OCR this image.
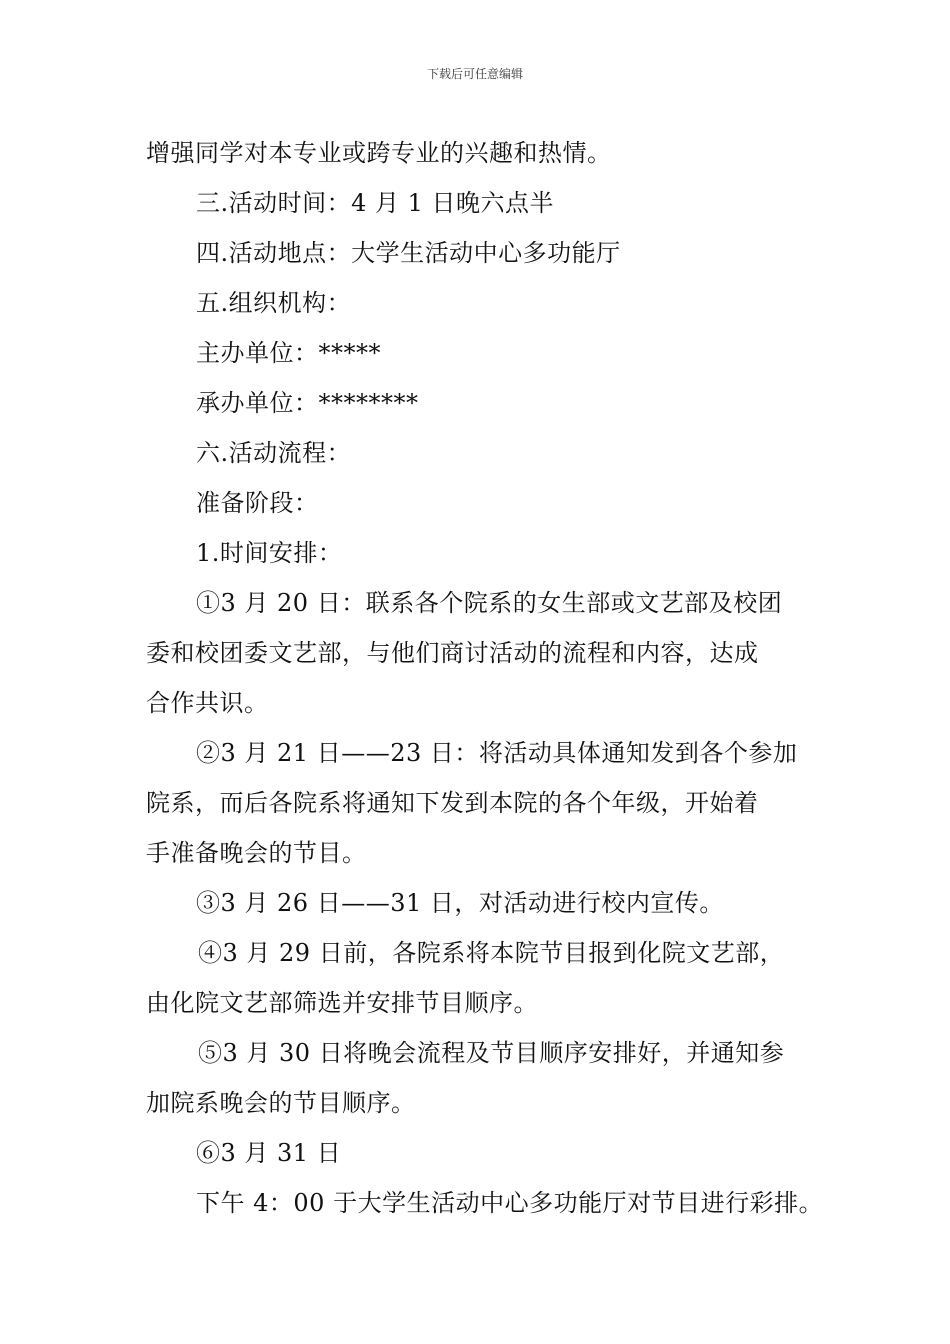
下载后可任意编辑
增强同学对本专业或跨专业的兴趣和热情。
三.活动时间：4 月 1 日晚六点半
四.活动地点：大学生活动中心多功能厅
五.组织机构：
主办单位：*****
承办单位：********
六.活动流程：
准备阶段：
1.时间安排：
①3 月 20 日：联系各个院系的女生部或文艺部及校团
委和校团委文艺部，与他们商讨活动的流程和内容，达成
合作共识。
②3 月 21 日——23 日：将活动具体通知发到各个参加
院系，而后各院系将通知下发到本院的各个年级，开始着
手准备晚会的节目。
③3 月 26 日——31 日，对活动进行校内宣传。
④3 月 29 日前，各院系将本院节目报到化院文艺部，
由化院文艺部筛选并安排节目顺序。
⑤3 月 30 日将晚会流程及节目顺序安排好，并通知参
加院系晚会的节目顺序。
⑥3 月 31 日
下午 4：00 于大学生活动中心多功能厅对节目进行彩排。
